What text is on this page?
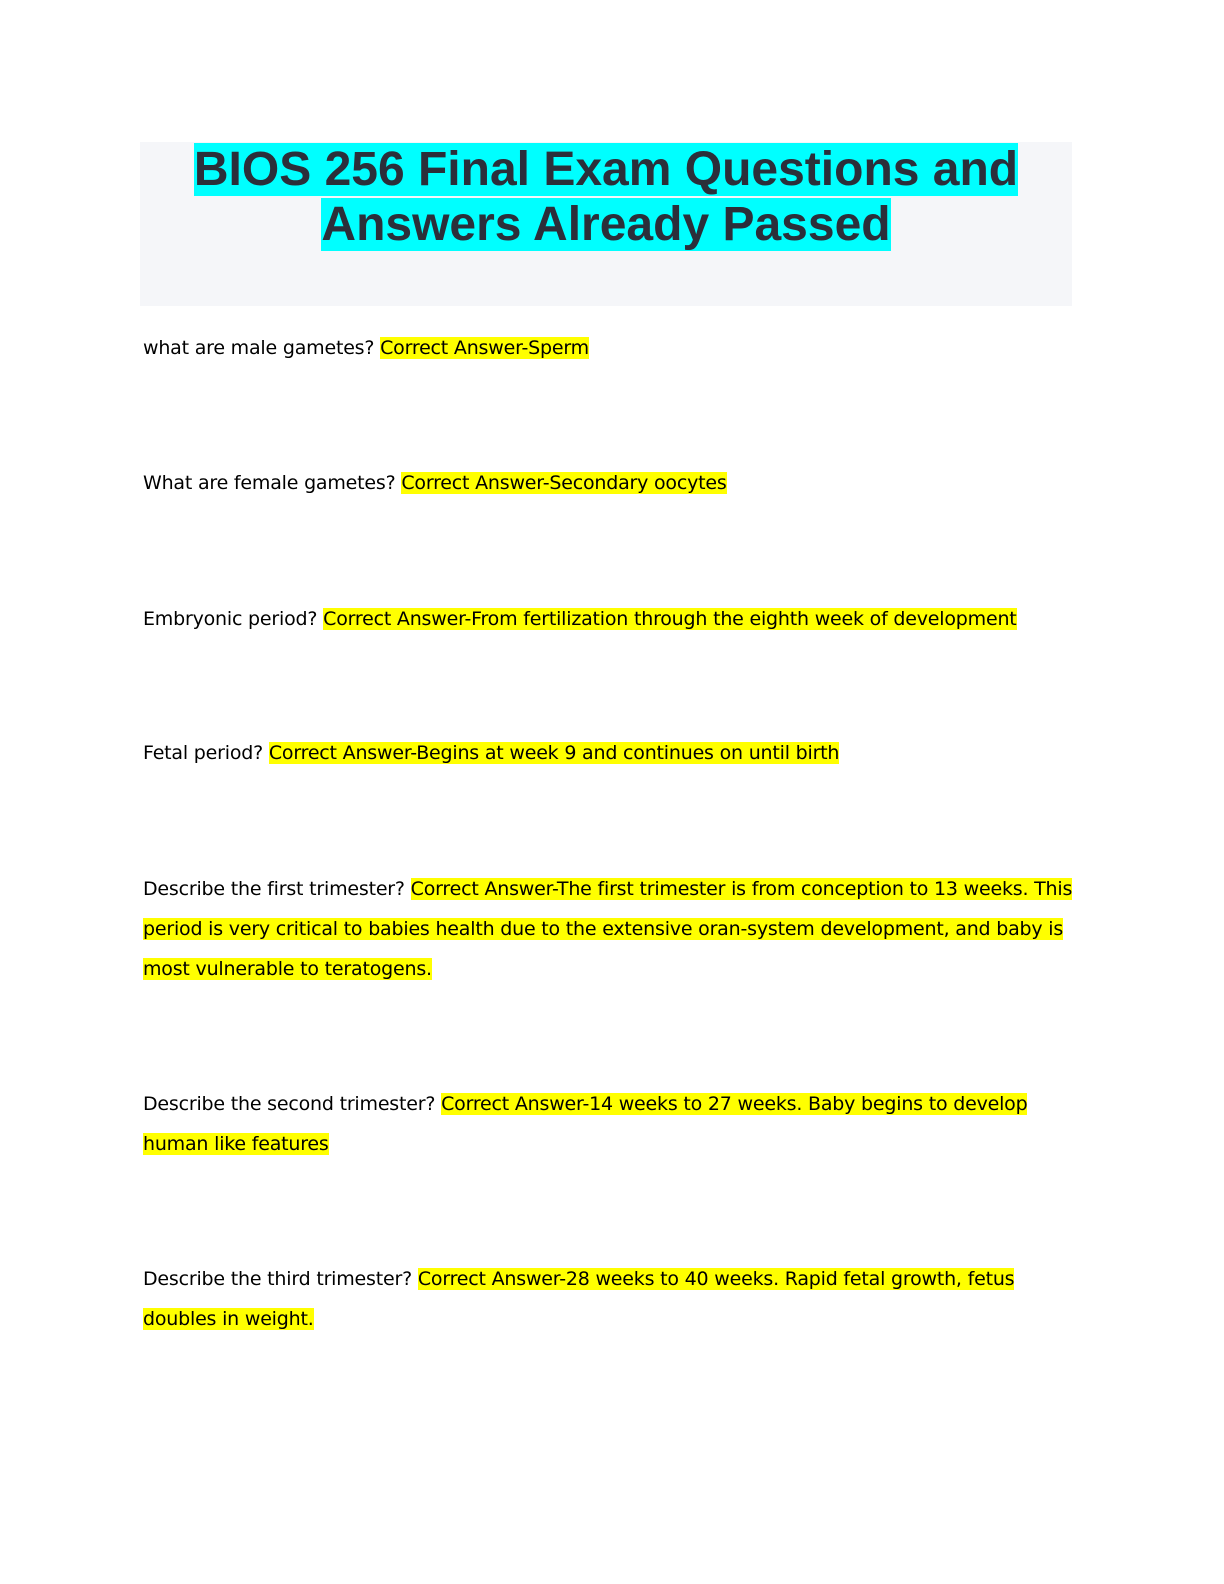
BIOS 256 Final Exam Questions and
Answers Already Passed

what are male gametes? Correct Answer-Sperm

What are female gametes? Correct Answer-Secondary oocytes

Embryonic period? Correct Answer-From fertilization through the eighth week of development

Fetal period? Correct Answer-Begins at week 9 and continues on until birth

Describe the first trimester? Correct Answer-The first trimester is from conception to 13 weeks. This period is very critical to babies health due to the extensive oran-system development, and baby is most vulnerable to teratogens.

Describe the second trimester? Correct Answer-14 weeks to 27 weeks. Baby begins to develop human like features

Describe the third trimester? Correct Answer-28 weeks to 40 weeks. Rapid fetal growth, fetus doubles in weight.
